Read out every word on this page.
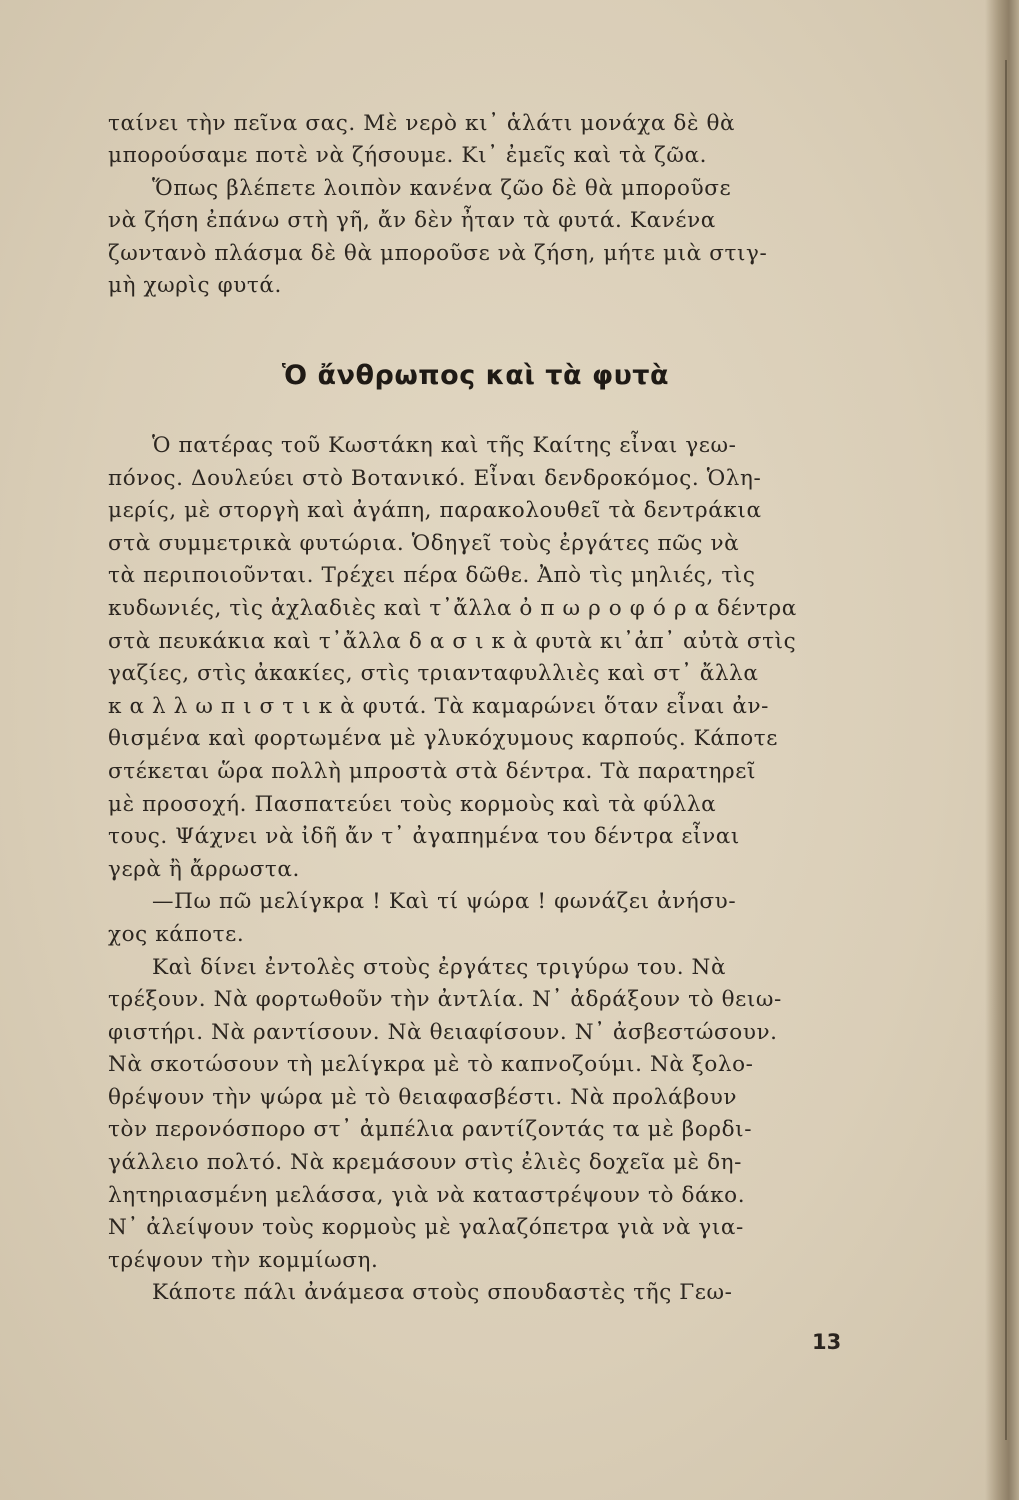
ταίνει τὴν πεῖνα σας. Μὲ νερὸ κι᾽ ἁλάτι μονάχα δὲ θὰ

μπορούσαμε ποτὲ νὰ ζήσουμε. Κι᾽ ἐμεῖς καὶ τὰ ζῶα.

Ὅπως βλέπετε λοιπὸν κανένα ζῶο δὲ θὰ μποροῦσε

νὰ ζήση ἐπάνω στὴ γῆ, ἄν δὲν ἦταν τὰ φυτά. Κανένα

ζωντανὸ πλάσμα δὲ θὰ μποροῦσε νὰ ζήση, μήτε μιὰ στιγ-

μὴ χωρὶς φυτά.

Ὁ ἄνθρωπος καὶ τὰ φυτὰ

Ὁ πατέρας τοῦ Κωστάκη καὶ τῆς Καίτης εἶναι γεω-

πόνος. Δουλεύει στὸ Βοτανικό. Εἶναι δενδροκόμος. Ὁλη-

μερίς, μὲ στοργὴ καὶ ἀγάπη, παρακολουθεῖ τὰ δεντράκια

στὰ συμμετρικὰ φυτώρια. Ὁδηγεῖ τοὺς ἐργάτες πῶς νὰ

τὰ περιποιοῦνται. Τρέχει πέρα δῶθε. Ἀπὸ τὶς μηλιές, τὶς

κυδωνιές, τὶς ἀχλαδιὲς καὶ τ᾽ἄλλα ὀ π ω ρ ο φ ό ρ α δέντρα

στὰ πευκάκια καὶ τ᾽ἄλλα δ α σ ι κ ὰ φυτὰ κι᾽ἀπ᾽ αὐτὰ στὶς

γαζίες, στὶς ἀκακίες, στὶς τριανταφυλλιὲς καὶ στ᾽ ἄλλα

κ α λ λ ω π ι σ τ ι κ ὰ φυτά. Τὰ καμαρώνει ὅταν εἶναι ἀν-

θισμένα καὶ φορτωμένα μὲ γλυκόχυμους καρπούς. Κάποτε

στέκεται ὥρα πολλὴ μπροστὰ στὰ δέντρα. Τὰ παρατηρεῖ

μὲ προσοχή. Πασπατεύει τοὺς κορμοὺς καὶ τὰ φύλλα

τους. Ψάχνει νὰ ἰδῆ ἄν τ᾽ ἀγαπημένα του δέντρα εἶναι

γερὰ ἢ ἄρρωστα.

—Πω πῶ μελίγκρα ! Καὶ τί ψώρα ! φωνάζει ἀνήσυ-

χος κάποτε.

Καὶ δίνει ἐντολὲς στοὺς ἐργάτες τριγύρω του. Νὰ

τρέξουν. Νὰ φορτωθοῦν τὴν ἀντλία. Ν᾽ ἀδράξουν τὸ θειω-

φιστήρι. Νὰ ραντίσουν. Νὰ θειαφίσουν. Ν᾽ ἀσβεστώσουν.

Νὰ σκοτώσουν τὴ μελίγκρα μὲ τὸ καπνοζούμι. Νὰ ξολο-

θρέψουν τὴν ψώρα μὲ τὸ θειαφασβέστι. Νὰ προλάβουν

τὸν περονόσπορο στ᾽ ἀμπέλια ραντίζοντάς τα μὲ βορδι-

γάλλειο πολτό. Νὰ κρεμάσουν στὶς ἐλιὲς δοχεῖα μὲ δη-

λητηριασμένη μελάσσα, γιὰ νὰ καταστρέψουν τὸ δάκο.

Ν᾽ ἀλείψουν τοὺς κορμοὺς μὲ γαλαζόπετρα γιὰ νὰ για-

τρέψουν τὴν κομμίωση.

Κάποτε πάλι ἀνάμεσα στοὺς σπουδαστὲς τῆς Γεω-

13
